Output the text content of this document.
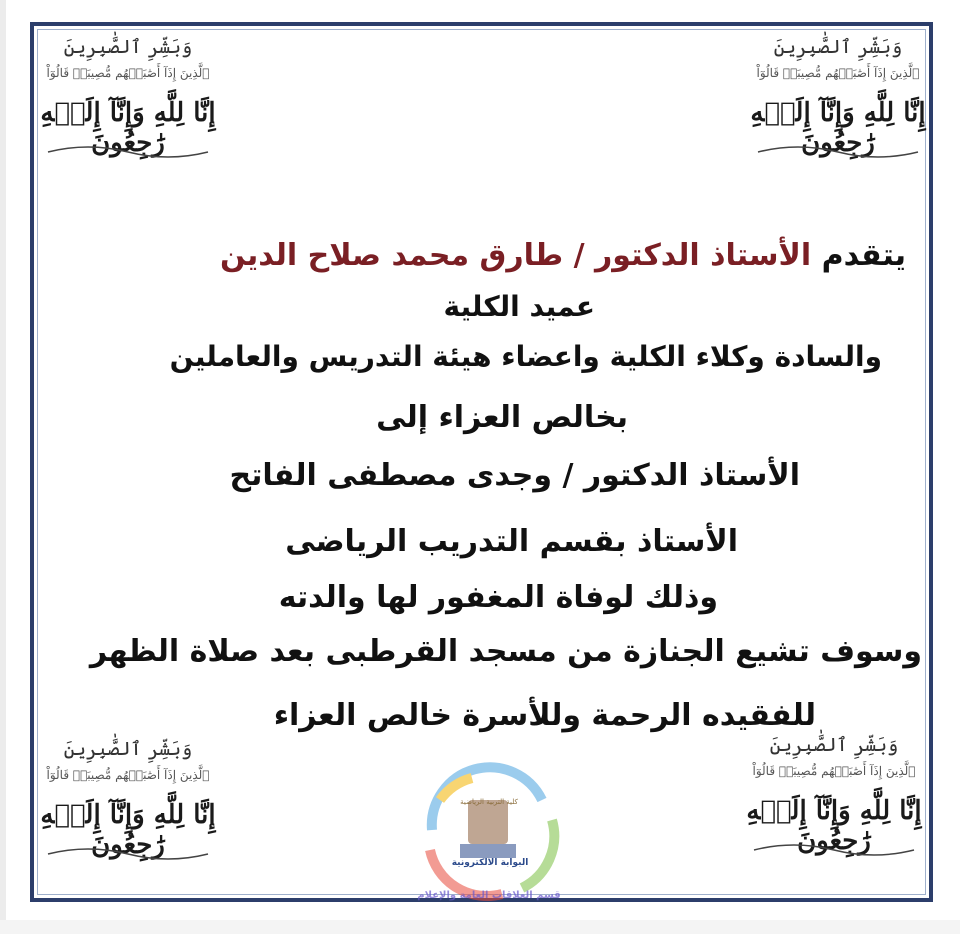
وَبَشِّرِ ٱلصَّٰبِرِينَ
ٱلَّذِينَ إِذَآ أَصَٰبَتۡهُم مُّصِيبَةٞ قَالُوٓاْ
إِنَّا لِلَّهِ وَإِنَّآ إِلَيۡهِ رَٰجِعُونَ
وَبَشِّرِ ٱلصَّٰبِرِينَ
ٱلَّذِينَ إِذَآ أَصَٰبَتۡهُم مُّصِيبَةٞ قَالُوٓاْ
إِنَّا لِلَّهِ وَإِنَّآ إِلَيۡهِ رَٰجِعُونَ
وَبَشِّرِ ٱلصَّٰبِرِينَ
ٱلَّذِينَ إِذَآ أَصَٰبَتۡهُم مُّصِيبَةٞ قَالُوٓاْ
إِنَّا لِلَّهِ وَإِنَّآ إِلَيۡهِ رَٰجِعُونَ
وَبَشِّرِ ٱلصَّٰبِرِينَ
ٱلَّذِينَ إِذَآ أَصَٰبَتۡهُم مُّصِيبَةٞ قَالُوٓاْ
إِنَّا لِلَّهِ وَإِنَّآ إِلَيۡهِ رَٰجِعُونَ
يتقدم الأستاذ الدكتور / طارق محمد صلاح الدين
عميد الكلية
والسادة وكلاء الكلية واعضاء هيئة التدريس والعاملين
بخالص العزاء إلى
الأستاذ الدكتور / وجدى مصطفى الفاتح
الأستاذ بقسم التدريب الرياضى
وذلك لوفاة المغفور لها والدته
وسوف تشيع الجنازة من مسجد القرطبى بعد صلاة الظهر
للفقيده الرحمة وللأسرة خالص العزاء
كلية التربية الرياضية
البوابة الالكترونية
قسم العلاقات العامة والإعلام
